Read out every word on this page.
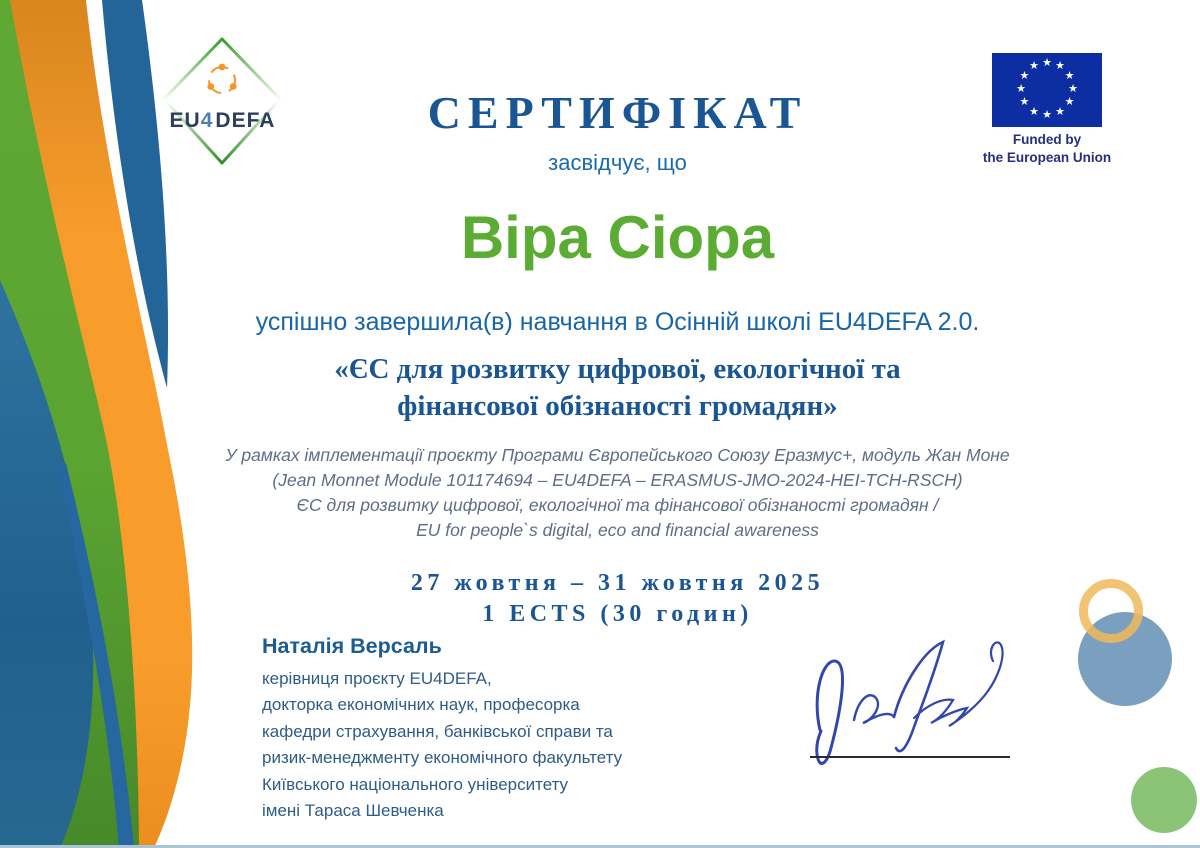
EU4DEFA	СЕРТИФІКАТ
засвідчує, що
Віра Сіора
успішно завершила(в) навчання в Осінній школі EU4DEFA 2.0.
«ЄС для розвитку цифрової, екологічної та
фінансової обізнаності громадян»
У рамках імплементації проєкту Програми Європейського Союзу Еразмус+, модуль Жан Моне
(Jean Monnet Module 101174694 – EU4DEFA – ERASMUS-JMO-2024-HEI-TCH-RSCH)
ЄС для розвитку цифрової, екологічної та фінансової обізнаності громадян /
EU for people`s digital, eco and financial awareness
27 жовтня – 31 жовтня 2025
1 ECTS (30 годин)
Наталія Версаль
керівниця проєкту EU4DEFA,
докторка економічних наук, професорка
кафедри страхування, банківської справи та
ризик-менеджменту економічного факультету
Київського національного університету
імені Тараса Шевченка
★ ★
★
★
★
★
★
★
★
★
★
★
Funded by
the European Union
